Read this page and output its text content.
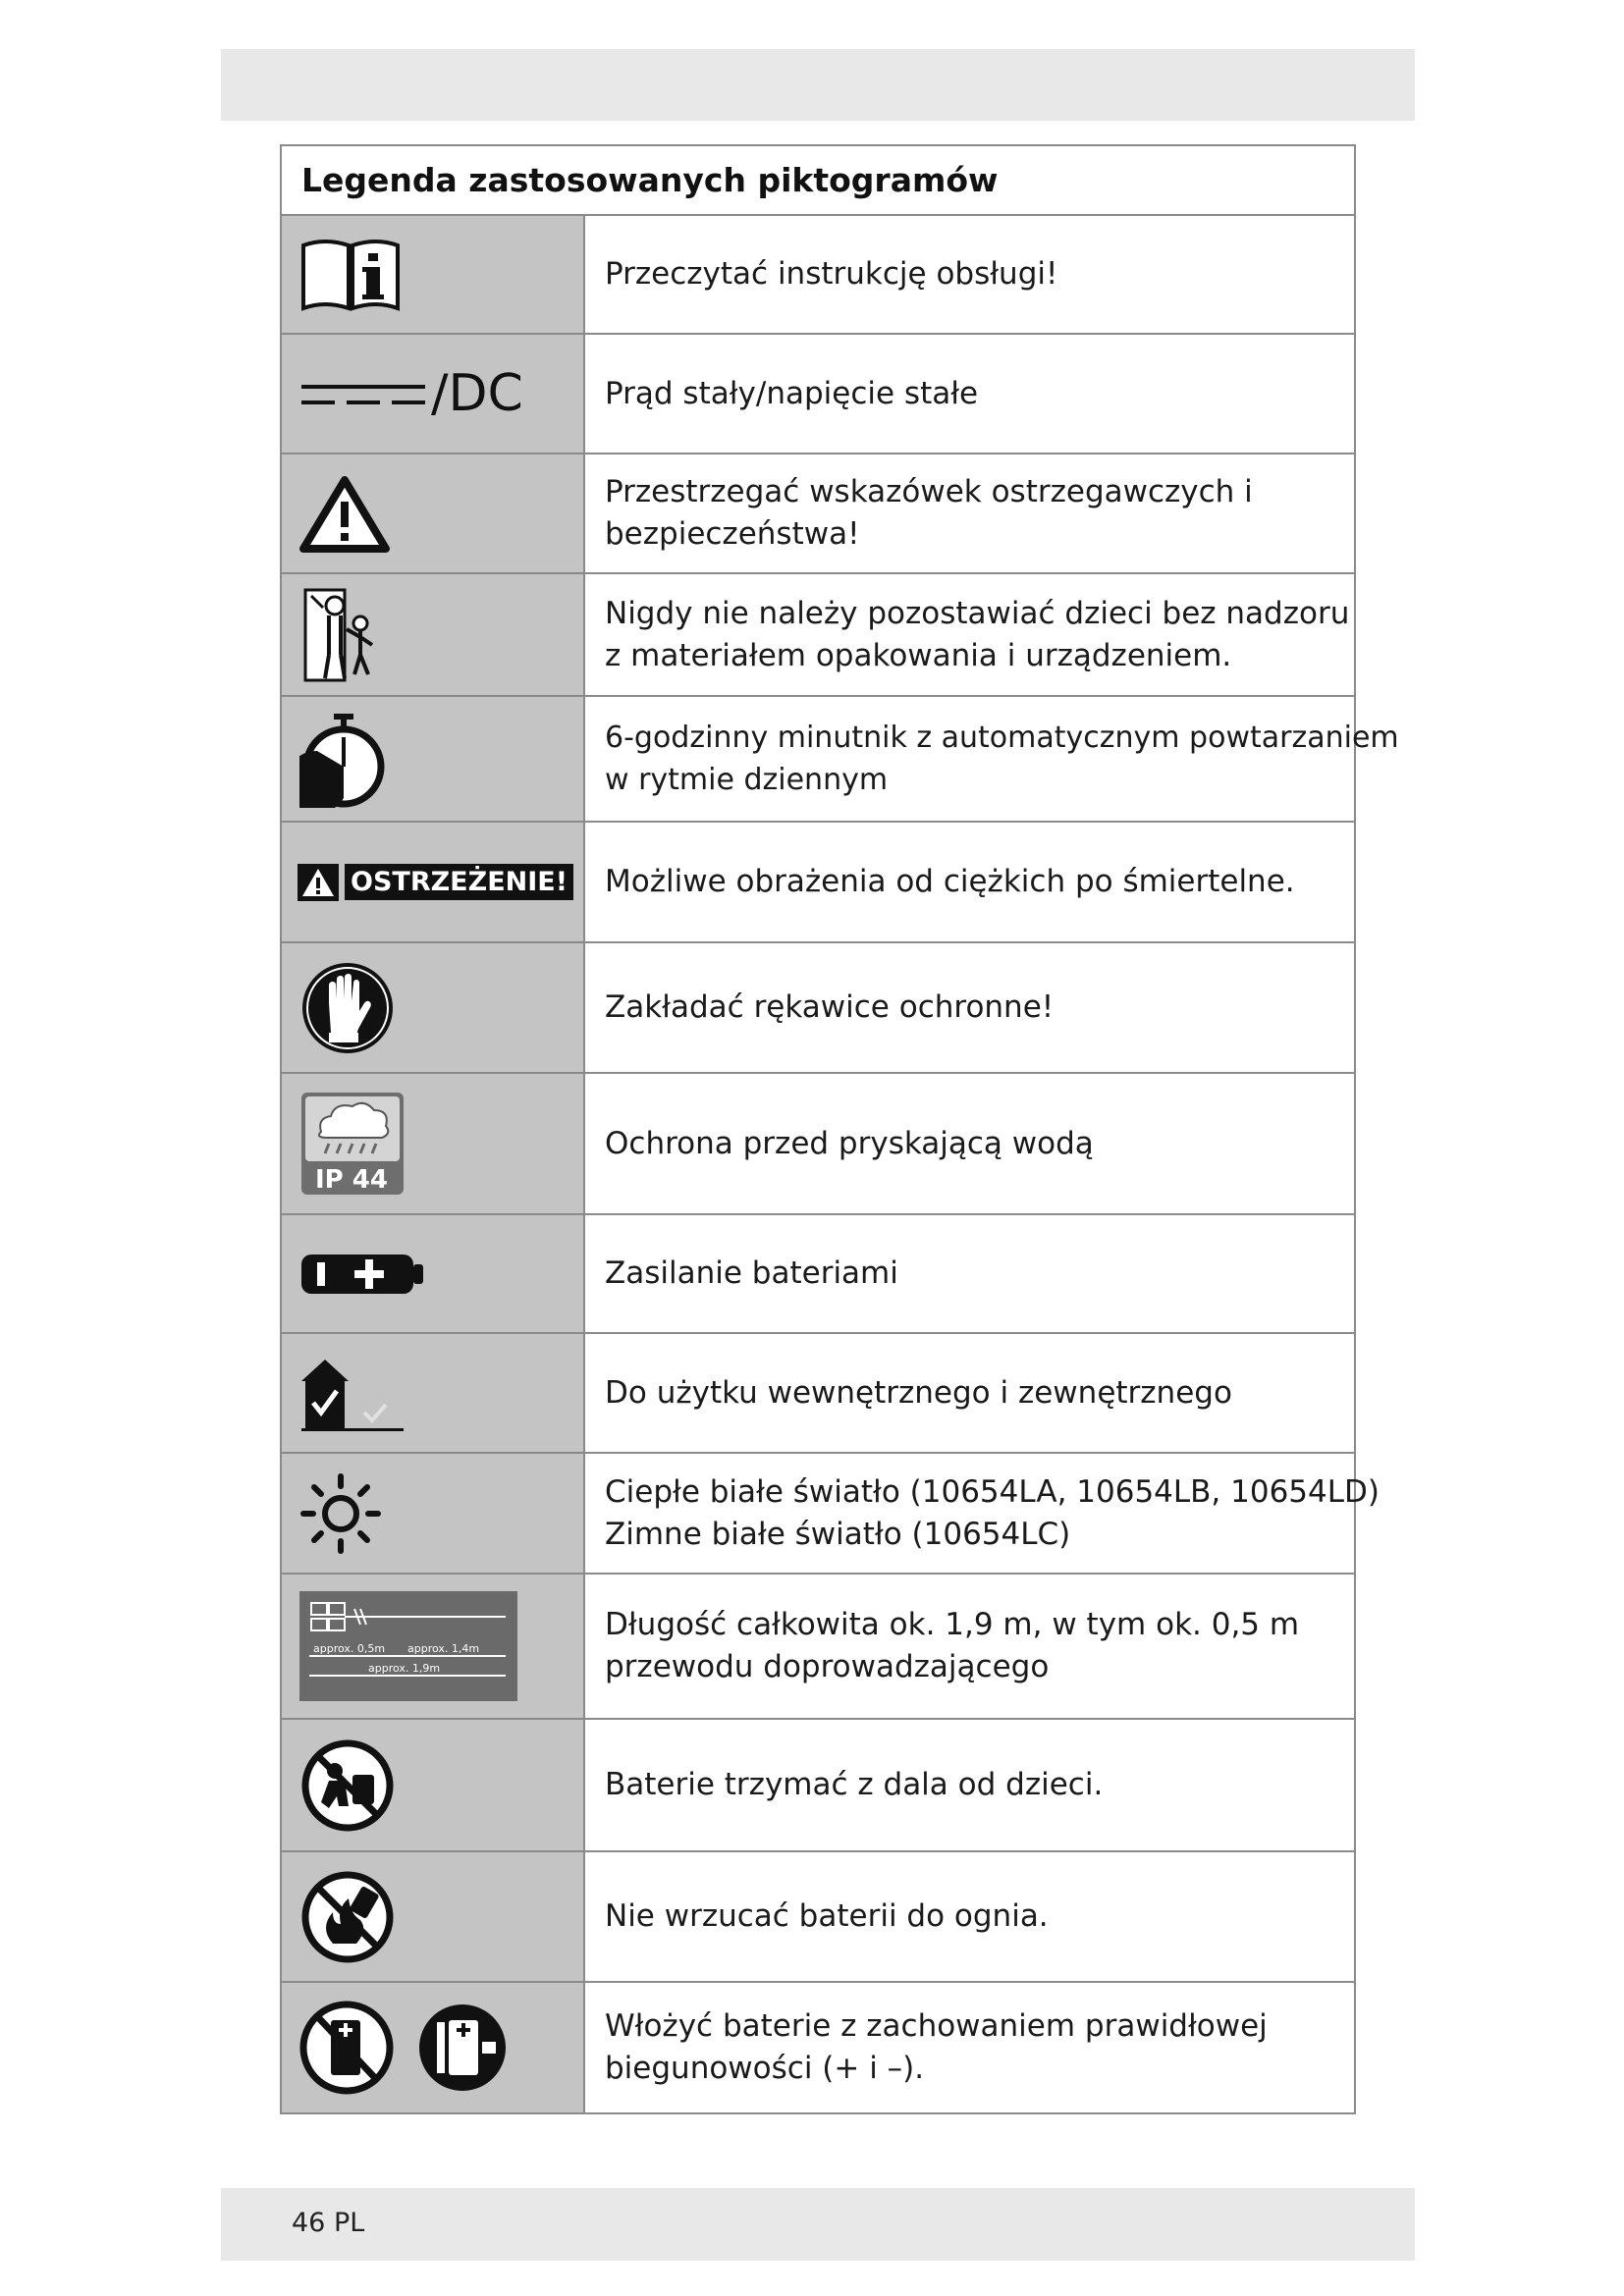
Legenda zastosowanych piktogramów
Przeczytać instrukcję obsługi!
/DC	Prąd stały/napięcie stałe
Przestrzegać wskazówek ostrzegawczych i
bezpieczeństwa!
Nigdy nie należy pozostawiać dzieci bez nadzoru
z materiałem opakowania i urządzeniem.
6-godzinny minutnik z automatycznym powtarzaniem
w rytmie dziennym
OSTRZEŻENIE! Możliwe obrażenia od ciężkich po śmiertelne.
Zakładać rękawice ochronne!
IP 44
Ochrona przed pryskającą wodą
Zasilanie bateriami
Do użytku wewnętrznego i zewnętrznego
Ciepłe białe światło (10654LA, 10654LB, 10654LD)
Zimne białe światło (10654LC)
approx. 0,5m approx. 1,4m
approx. 1,9m
Długość całkowita ok. 1,9 m, w tym ok. 0,5 m
przewodu doprowadzającego
Baterie trzymać z dala od dzieci.
Nie wrzucać baterii do ognia.
Włożyć baterie z zachowaniem prawidłowej
biegunowości (+ i –).
46 PL
